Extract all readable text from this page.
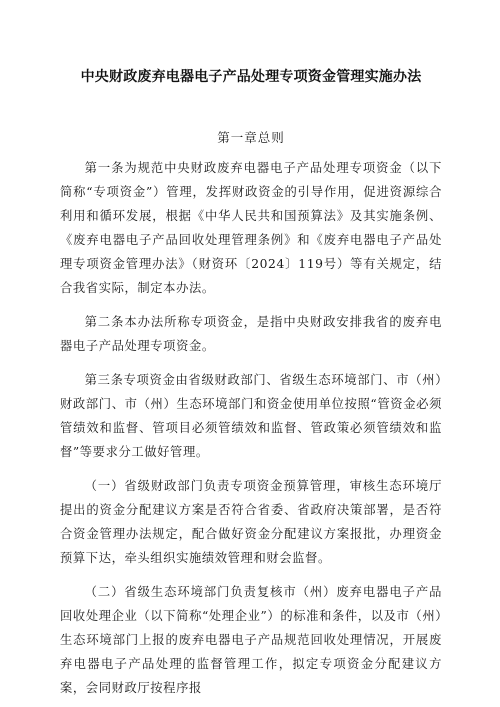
中央财政废弃电器电子产品处理专项资金管理实施办法
第一章总则

第一条为规范中央财政废弃电器电子产品处理专项资金（以下简称“专项资金”）管理，发挥财政资金的引导作用，促进资源综合利用和循环发展，根据《中华人民共和国预算法》及其实施条例、《废弃电器电子产品回收处理管理条例》和《废弃电器电子产品处理专项资金管理办法》（财资环〔2024〕119号）等有关规定，结合我省实际，制定本办法。

第二条本办法所称专项资金，是指中央财政安排我省的废弃电器电子产品处理专项资金。

第三条专项资金由省级财政部门、省级生态环境部门、市（州）财政部门、市（州）生态环境部门和资金使用单位按照“管资金必须管绩效和监督、管项目必须管绩效和监督、管政策必须管绩效和监督”等要求分工做好管理。

（一）省级财政部门负责专项资金预算管理，审核生态环境厅提出的资金分配建议方案是否符合省委、省政府决策部署，是否符合资金管理办法规定，配合做好资金分配建议方案报批，办理资金预算下达，牵头组织实施绩效管理和财会监督。

（二）省级生态环境部门负责复核市（州）废弃电器电子产品回收处理企业（以下简称“处理企业”）的标准和条件，以及市（州）生态环境部门上报的废弃电器电子产品规范回收处理情况，开展废弃电器电子产品处理的监督管理工作，拟定专项资金分配建议方案，会同财政厅按程序报
